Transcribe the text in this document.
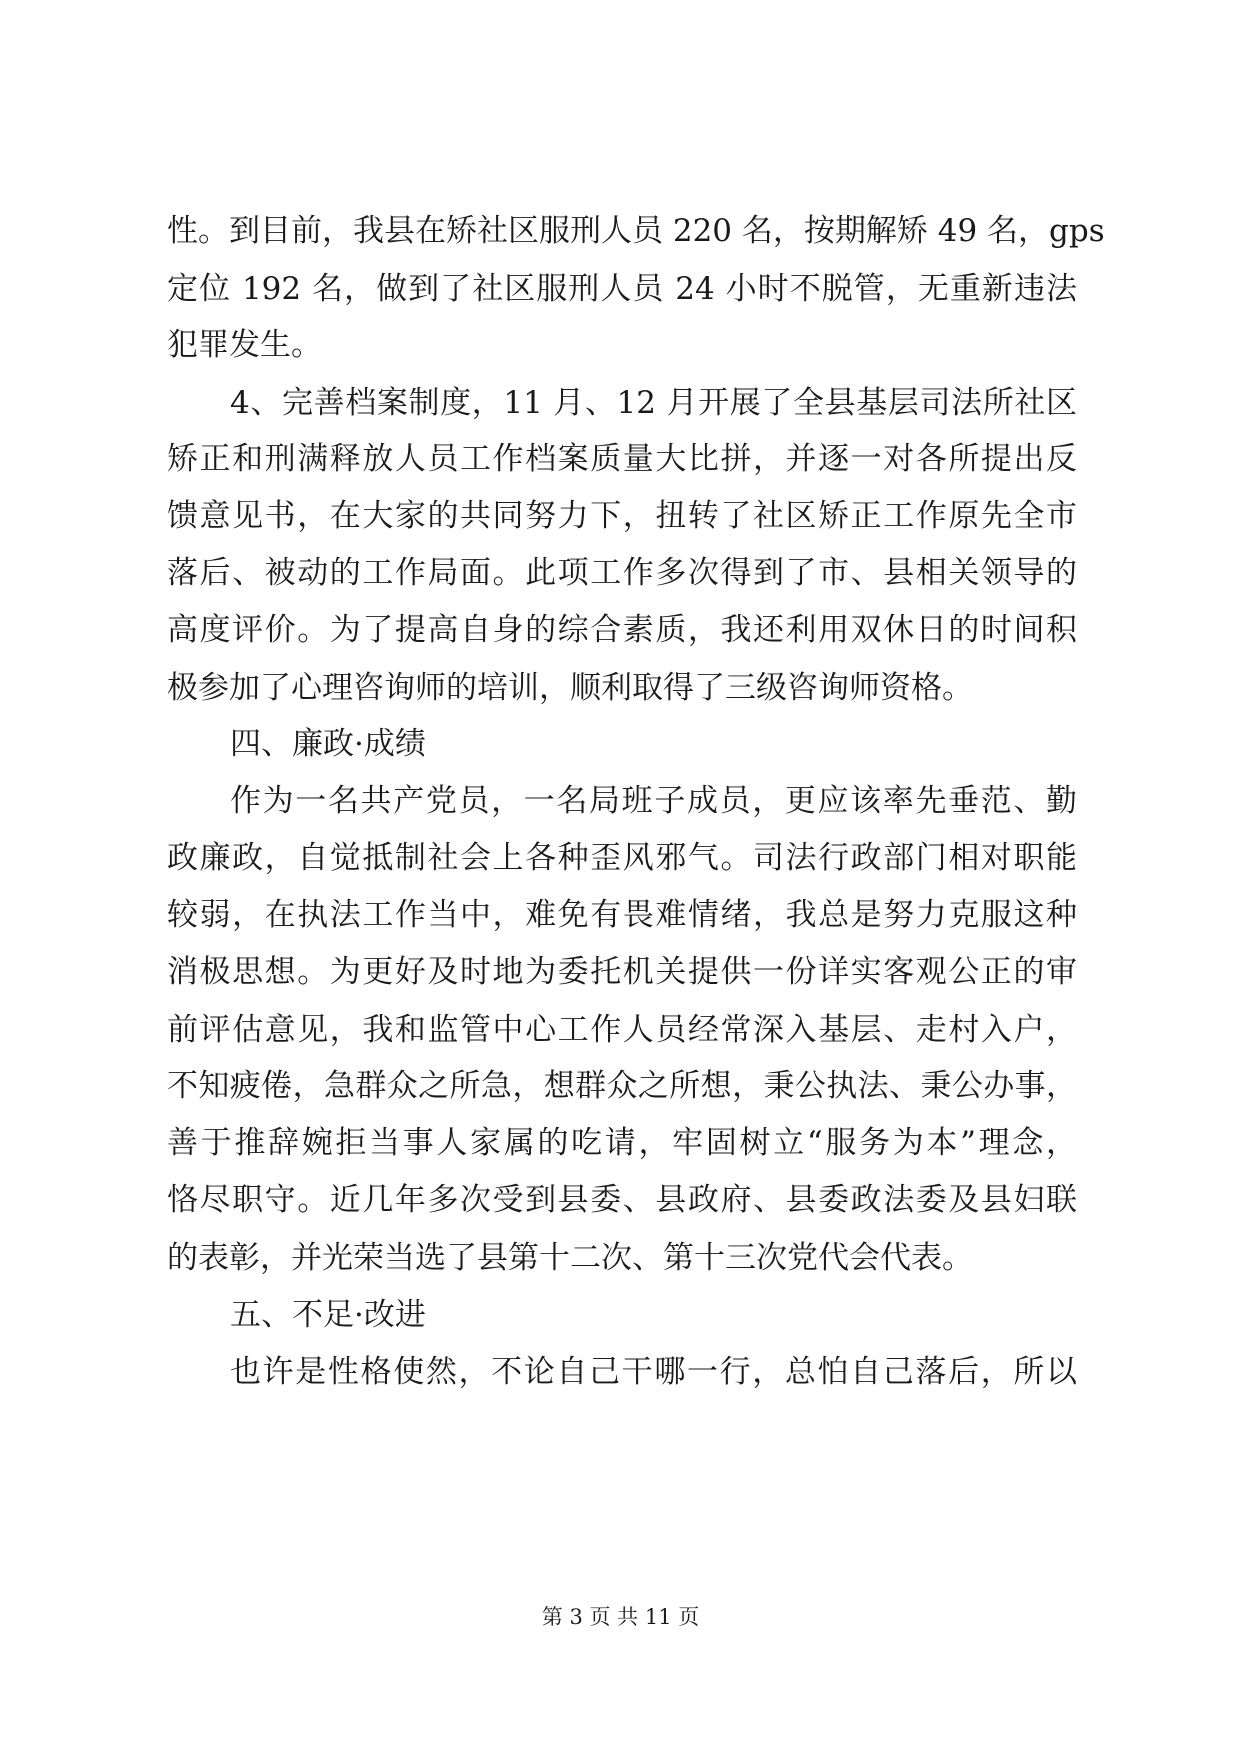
性。到目前，我县在矫社区服刑人员 220 名，按期解矫 49 名，gps
定位 192 名，做到了社区服刑人员 24 小时不脱管，无重新违法
犯罪发生。
4、完善档案制度，11 月、12 月开展了全县基层司法所社区
矫正和刑满释放人员工作档案质量大比拼，并逐一对各所提出反
馈意见书，在大家的共同努力下，扭转了社区矫正工作原先全市
落后、被动的工作局面。此项工作多次得到了市、县相关领导的
高度评价。为了提高自身的综合素质，我还利用双休日的时间积
极参加了心理咨询师的培训，顺利取得了三级咨询师资格。
四、廉政·成绩
作为一名共产党员，一名局班子成员，更应该率先垂范、勤
政廉政，自觉抵制社会上各种歪风邪气。司法行政部门相对职能
较弱，在执法工作当中，难免有畏难情绪，我总是努力克服这种
消极思想。为更好及时地为委托机关提供一份详实客观公正的审
前评估意见，我和监管中心工作人员经常深入基层、走村入户，
不知疲倦，急群众之所急，想群众之所想，秉公执法、秉公办事，
善于推辞婉拒当事人家属的吃请，牢固树立“服务为本”理念，
恪尽职守。近几年多次受到县委、县政府、县委政法委及县妇联
的表彰，并光荣当选了县第十二次、第十三次党代会代表。
五、不足·改进
也许是性格使然，不论自己干哪一行，总怕自己落后，所以
第 3 页 共 11 页
